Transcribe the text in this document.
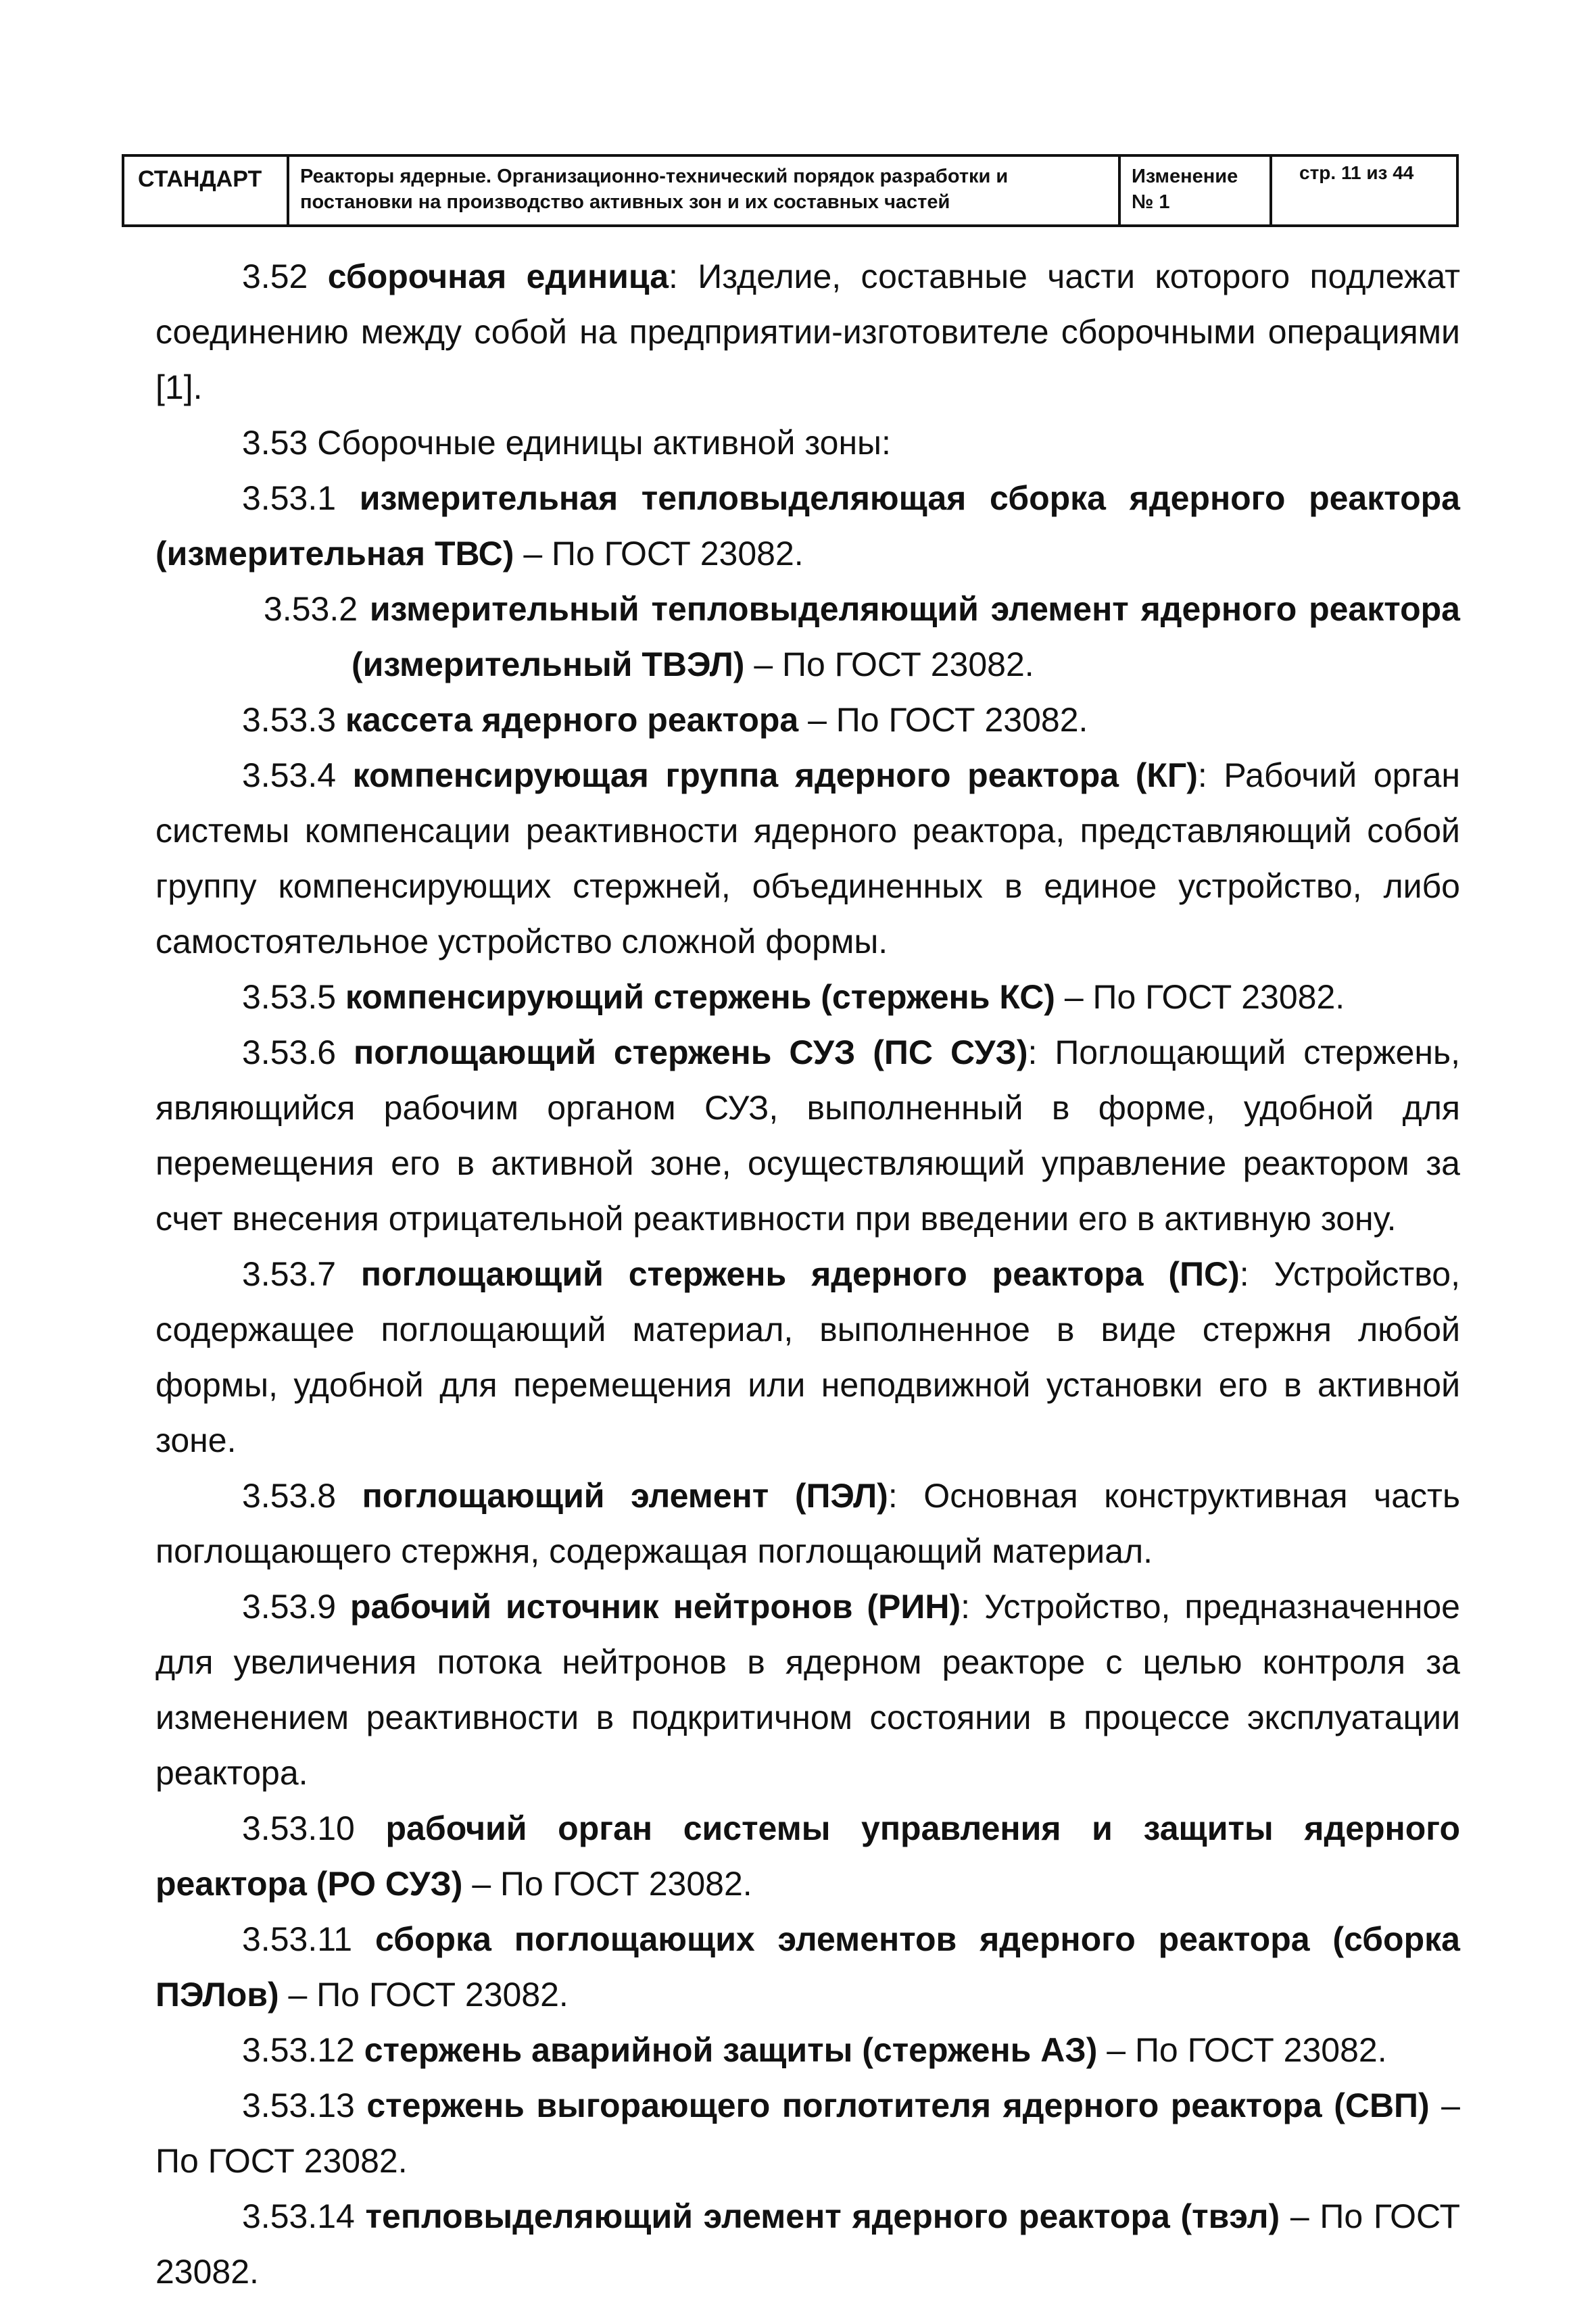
СТАНДАРТ	Реакторы ядерные. Организационно-технический порядок разработки и
постановки на производство активных зон и их составных частей
Изменение
№ 1
стр. 11 из 44

3.52 сборочная единица: Изделие, составные части которого подлежат соединению между собой на предприятии-изготовителе сборочными операциями [1].

3.53 Сборочные единицы активной зоны:

3.53.1 измерительная тепловыделяющая сборка ядерного реактора (измерительная ТВС) – По ГОСТ 23082.

3.53.2 измерительный тепловыделяющий элемент ядерного реактора (измерительный ТВЭЛ) – По ГОСТ 23082.

3.53.3 кассета ядерного реактора – По ГОСТ 23082.

3.53.4 компенсирующая группа ядерного реактора (КГ): Рабочий орган системы компенсации реактивности ядерного реактора, представляющий собой группу компенсирующих стержней, объединенных в единое устройство, либо самостоятельное устройство сложной формы.

3.53.5 компенсирующий стержень (стержень КС) – По ГОСТ 23082.

3.53.6 поглощающий стержень СУЗ (ПС СУЗ): Поглощающий стержень, являющийся рабочим органом СУЗ, выполненный в форме, удобной для перемещения его в активной зоне, осуществляющий управление реактором за счет внесения отрицательной реактивности при введении его в активную зону.

3.53.7 поглощающий стержень ядерного реактора (ПС): Устройство, содержащее поглощающий материал, выполненное в виде стержня любой формы, удобной для перемещения или неподвижной установки его в активной зоне.

3.53.8 поглощающий элемент (ПЭЛ): Основная конструктивная часть поглощающего стержня, содержащая поглощающий материал.

3.53.9 рабочий источник нейтронов (РИН): Устройство, предназначенное для увеличения потока нейтронов в ядерном реакторе с целью контроля за изменением реактивности в подкритичном состоянии в процессе эксплуатации реактора.

3.53.10 рабочий орган системы управления и защиты ядерного реактора (РО СУЗ) – По ГОСТ 23082.

3.53.11 сборка поглощающих элементов ядерного реактора (сборка ПЭЛов) – По ГОСТ 23082.

3.53.12 стержень аварийной защиты (стержень АЗ) – По ГОСТ 23082.

3.53.13 стержень выгорающего поглотителя ядерного реактора (СВП) – По ГОСТ 23082.

3.53.14 тепловыделяющий элемент ядерного реактора (твэл) – По ГОСТ 23082.
